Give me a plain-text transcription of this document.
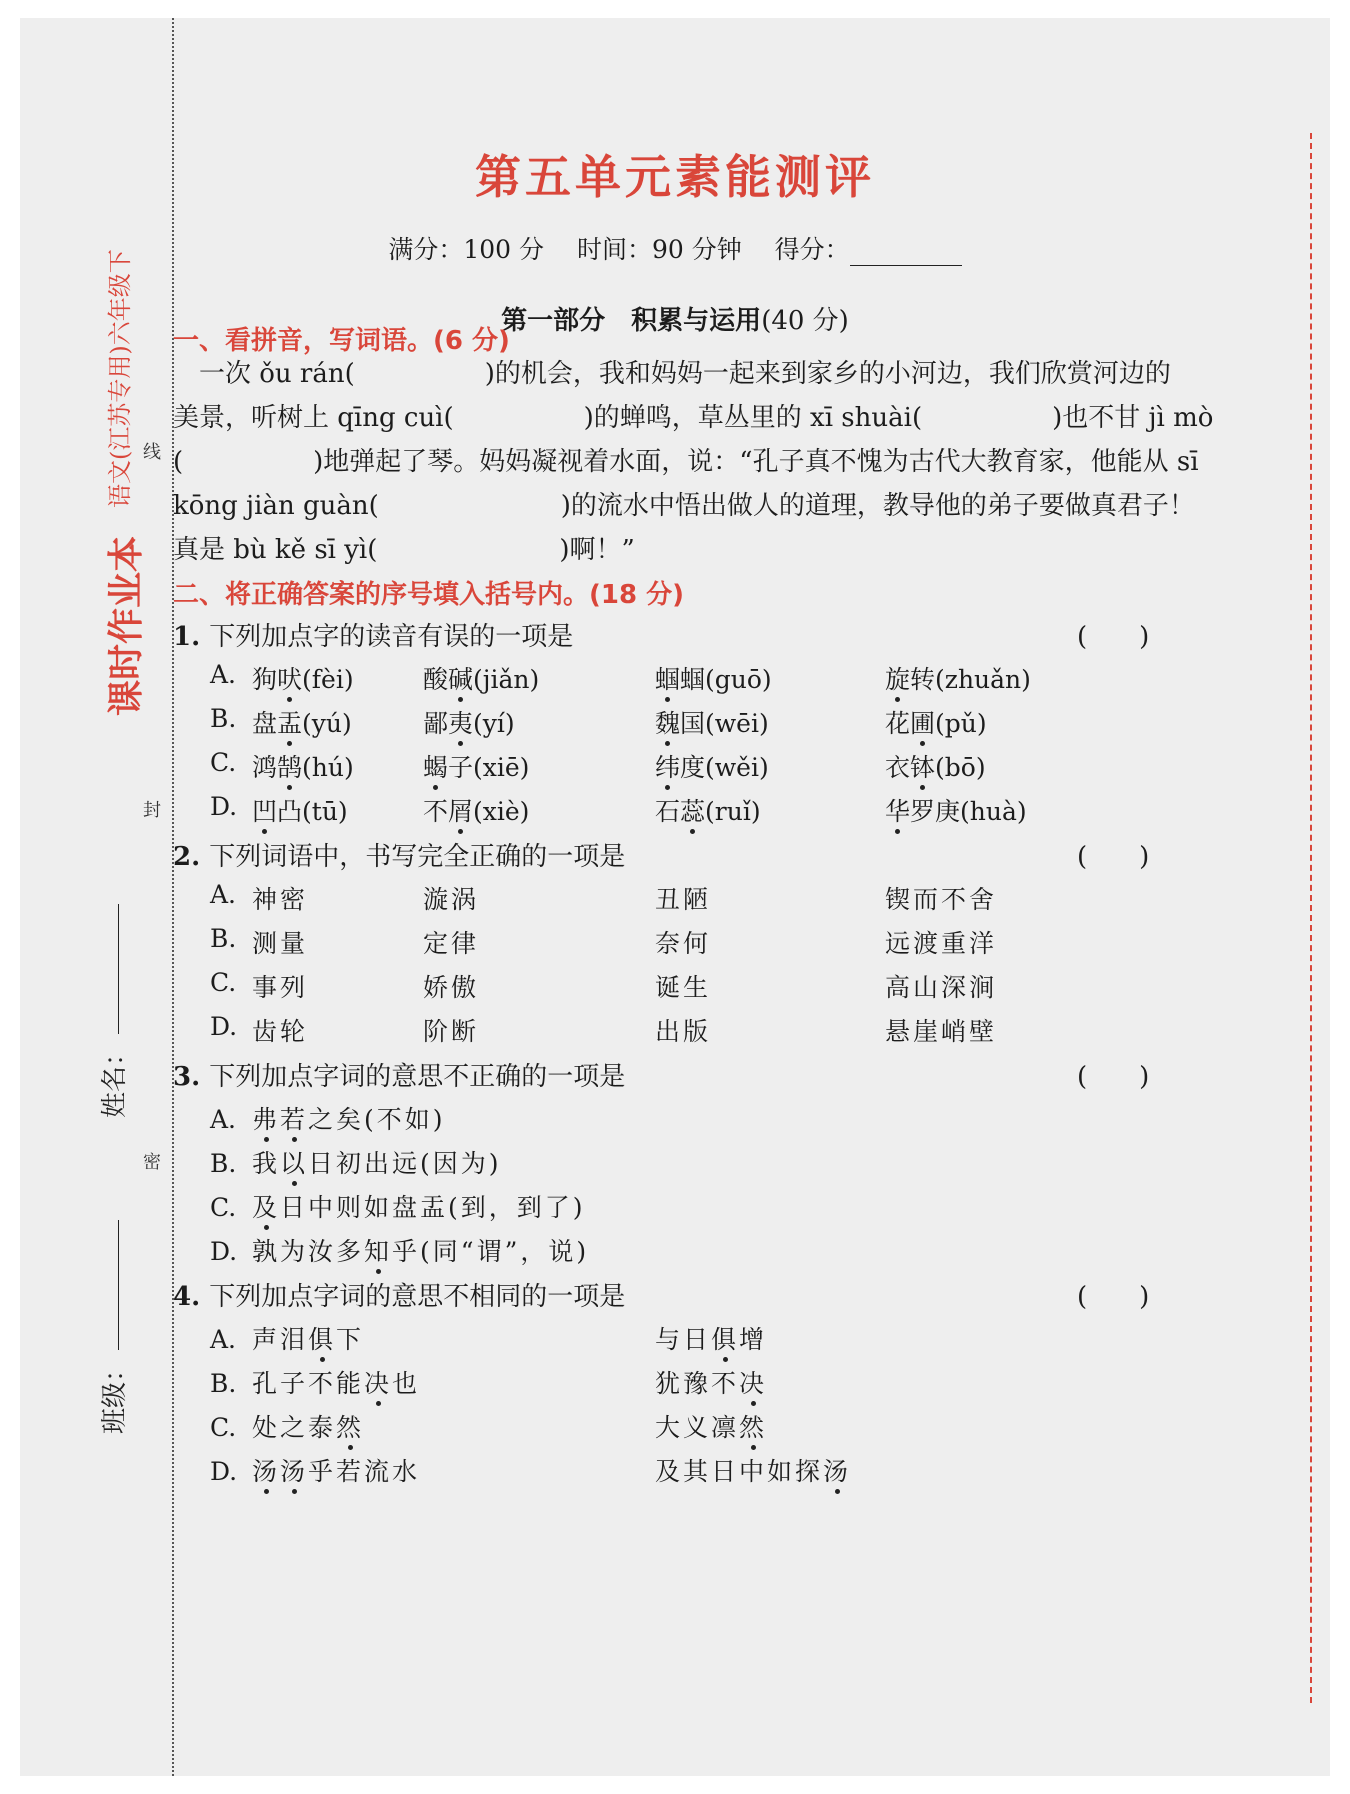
语文(江苏专用)六年级下
课时作业本
线
封
密
姓名：
班级：
第五单元素能测评
满分：100 分　 时间：90 分钟　 得分：
第一部分　积累与运用(40 分)
一、看拼音，写词语。(6 分)

　一次 ǒu rán(　　　　　)的机会，我和妈妈一起来到家乡的小河边，我们欣赏河边的

美景，听树上 qīng cuì(　　　　　)的蝉鸣，草丛里的 xī shuài(　　　　　)也不甘 jì mò

(　　　　　)地弹起了琴。妈妈凝视着水面，说：“孔子真不愧为古代大教育家，他能从 sī

kōng jiàn guàn(　　　　　　　)的流水中悟出做人的道理，教导他的弟子要做真君子！

真是 bù kě sī yì(　　　　　　　)啊！”

二、将正确答案的序号填入括号内。(18 分)
1. 下列加点字的读音有误的一项是	(　　)
2. 下列词语中，书写完全正确的一项是	(　　)
3. 下列加点字词的意思不正确的一项是	(　　)
4. 下列加点字词的意思不相同的一项是	(　　)
A. 狗吠(fèi)	酸碱(jiǎn)	蝈蝈(guō)	旋转(zhuǎn)
B. 盘盂(yú)	鄙夷(yí)	魏国(wēi)	花圃(pǔ)
C. 鸿鹄(hú)	蝎子(xiē)	纬度(wěi)	衣钵(bō)
D. 凹凸(tū)	不屑(xiè)	石蕊(ruǐ)	华罗庚(huà)
A. 神密	漩涡	丑陋	锲而不舍
B. 测量	定律	奈何	远渡重洋
C. 事列	娇傲	诞生	高山深涧
D. 齿轮	阶断	出版	悬崖峭壁
A. 弗若之矣(不如)
B. 我以日初出远(因为)
C. 及日中则如盘盂(到，到了)
D. 孰为汝多知乎(同“谓”，说)
A. 声泪俱下	与日俱增
B. 孔子不能决也	犹豫不决
C. 处之泰然	大义凛然
D. 汤汤乎若流水	及其日中如探汤
